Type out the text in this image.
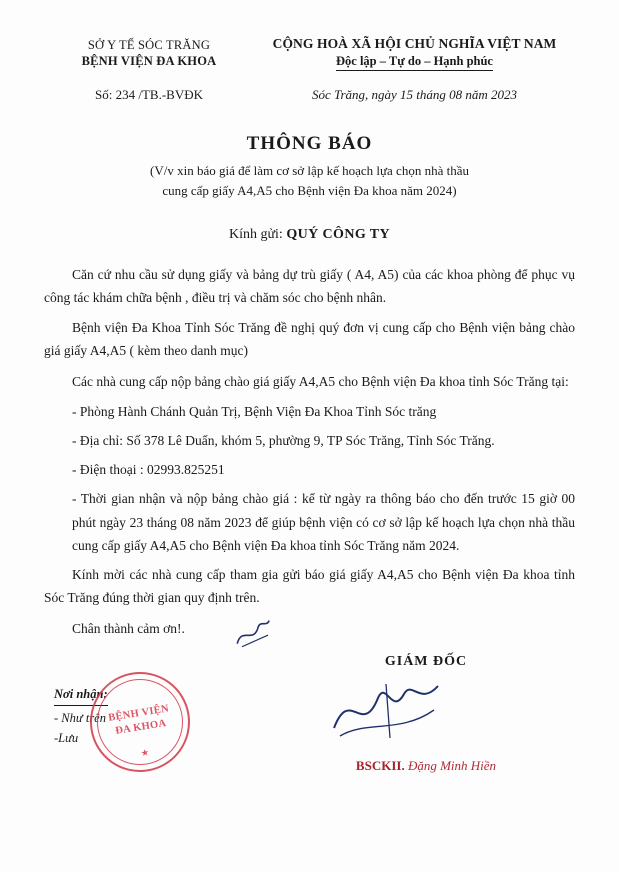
SỞ Y TẾ SÓC TRĂNG
BỆNH VIỆN ĐA KHOA
CỘNG HOÀ XÃ HỘI CHỦ NGHĨA VIỆT NAM
Độc lập – Tự do – Hạnh phúc
Số: 234 /TB.-BVĐK	Sóc Trăng, ngày 15 tháng 08 năm 2023
THÔNG BÁO
(V/v xin báo giá để làm cơ sở lập kế hoạch lựa chọn nhà thầu
cung cấp giấy A4,A5 cho Bệnh viện Đa khoa năm 2024)
Kính gửi: QUÝ CÔNG TY
Căn cứ nhu cầu sử dụng giấy và bảng dự trù giấy ( A4, A5) của các khoa phòng để phục vụ công tác khám chữa bệnh , điều trị và chăm sóc cho bệnh nhân.
Bệnh viện Đa Khoa Tỉnh Sóc Trăng đề nghị quý đơn vị cung cấp cho Bệnh viện bảng chào giá giấy A4,A5 ( kèm theo danh mục)
Các nhà cung cấp nộp bảng chào giá giấy A4,A5 cho Bệnh viện Đa khoa tỉnh Sóc Trăng tại:
- Phòng Hành Chánh Quản Trị, Bệnh Viện Đa Khoa Tỉnh Sóc trăng
- Địa chỉ: Số 378 Lê Duẩn, khóm 5, phường 9, TP Sóc Trăng, Tỉnh Sóc Trăng.
- Điện thoại : 02993.825251
- Thời gian nhận và nộp bảng chào giá : kể từ ngày ra thông báo cho đến trước 15 giờ 00 phút ngày 23 tháng 08 năm 2023 để giúp bệnh viện có cơ sở lập kế hoạch lựa chọn nhà thầu cung cấp giấy A4,A5 cho Bệnh viện Đa khoa tỉnh Sóc Trăng năm 2024.
Kính mời các nhà cung cấp tham gia gửi báo giá giấy A4,A5 cho Bệnh viện Đa khoa tỉnh Sóc Trăng đúng thời gian quy định trên.
Chân thành cảm ơn!.
Nơi nhận:
- Như trên
-Lưu
BỆNH VIỆN
ĐA KHOA
★
GIÁM ĐỐC
BSCKII. Đặng Minh Hiền
